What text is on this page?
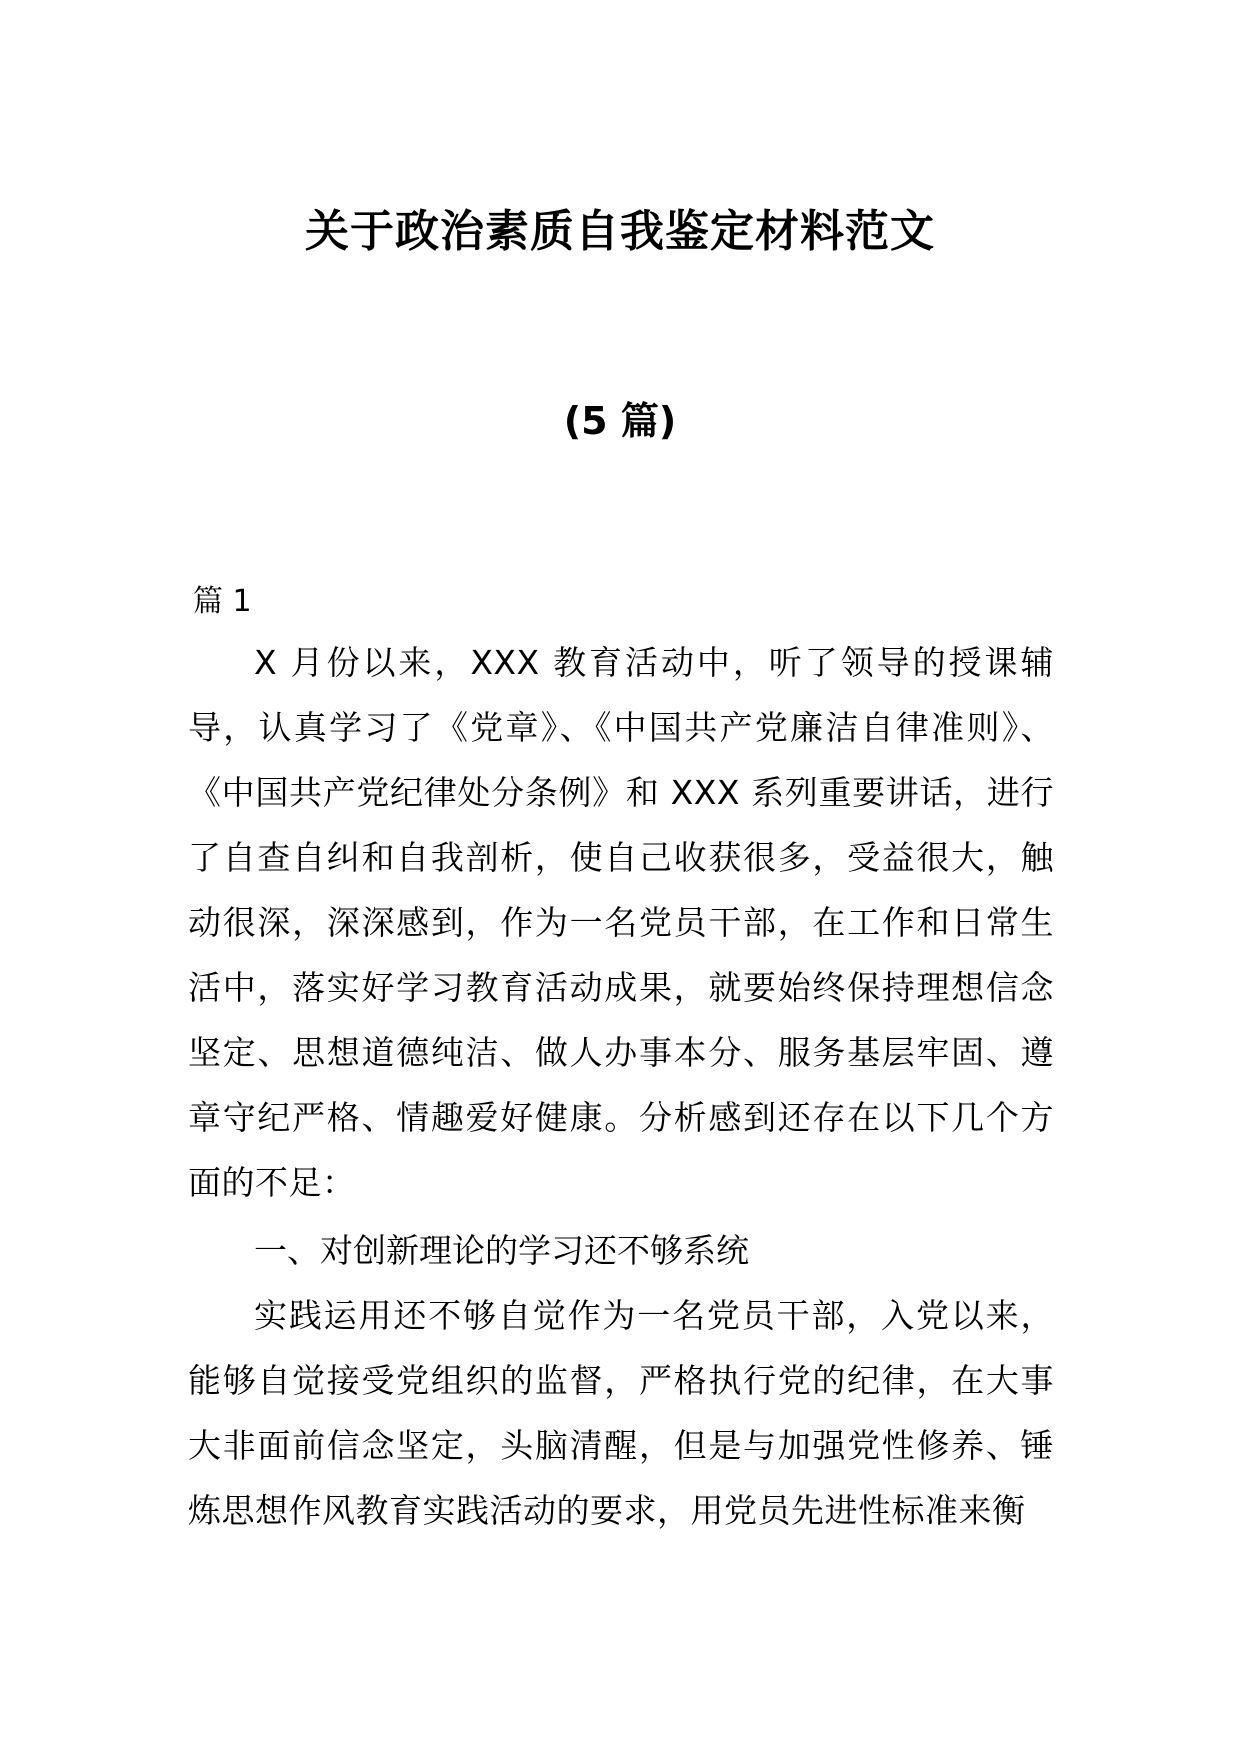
关于政治素质自我鉴定材料范文
(5 篇)
篇 1

X 月份以来，XXX 教育活动中，听了领导的授课辅导，认真学习了《党章》、《中国共产党廉洁自律准则》、《中国共产党纪律处分条例》和 XXX 系列重要讲话，进行了自查自纠和自我剖析，使自己收获很多，受益很大，触动很深，深深感到，作为一名党员干部，在工作和日常生活中，落实好学习教育活动成果，就要始终保持理想信念坚定、思想道德纯洁、做人办事本分、服务基层牢固、遵章守纪严格、情趣爱好健康。分析感到还存在以下几个方面的不足：

一、对创新理论的学习还不够系统

实践运用还不够自觉作为一名党员干部，入党以来，能够自觉接受党组织的监督，严格执行党的纪律，在大事大非面前信念坚定，头脑清醒，但是与加强党性修养、锤炼思想作风教育实践活动的要求，用党员先进性标准来衡
